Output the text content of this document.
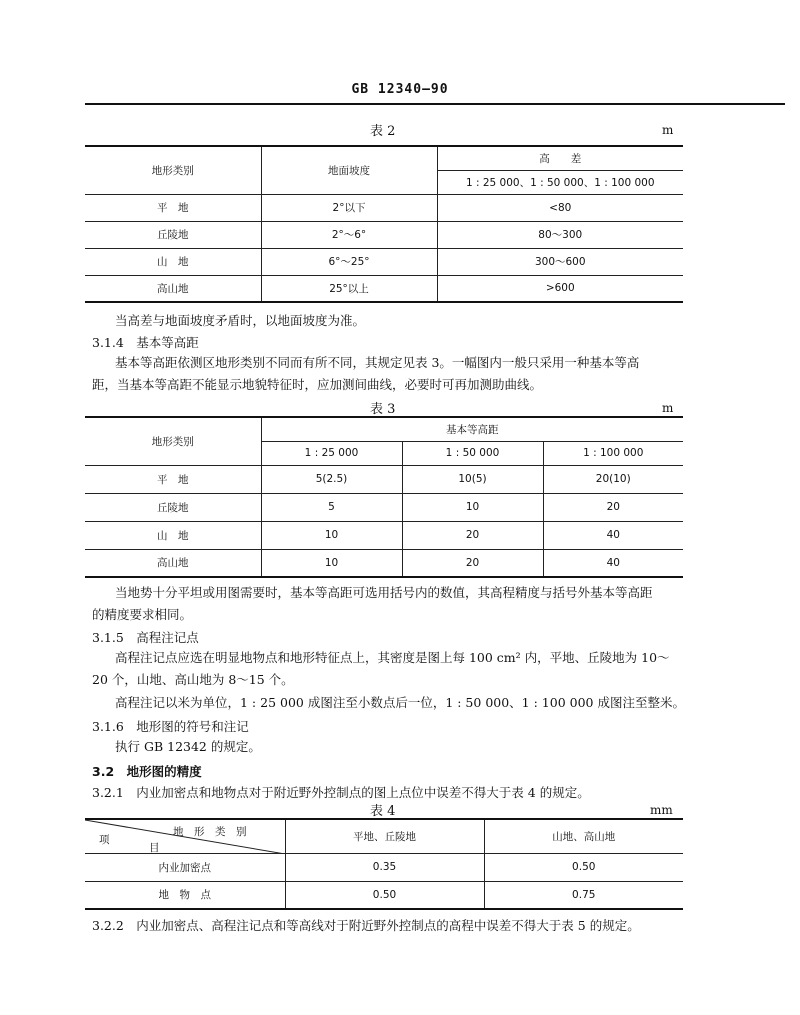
GB 12340—90
表 2	m
地形类别	地面坡度	高　　差
		1 : 25 000、1 : 50 000、1 : 100 000
平　地	2°以下	<80
丘陵地	2°～6°	80～300
山　地	6°～25°	300～600
高山地	25°以上	>600
当高差与地面坡度矛盾时，以地面坡度为准。
3.1.4　基本等高距
基本等高距依测区地形类别不同而有所不同，其规定见表 3。一幅图内一般只采用一种基本等高
距，当基本等高距不能显示地貌特征时，应加测间曲线，必要时可再加测助曲线。
表 3	m
地形类别	基本等高距		
	1 : 25 000	1 : 50 000	1 : 100 000
平　地	5(2.5)	10(5)	20(10)
丘陵地	5	10	20
山　地	10	20	40
高山地	10	20	40
当地势十分平坦或用图需要时，基本等高距可选用括号内的数值，其高程精度与括号外基本等高距
的精度要求相同。
3.1.5　高程注记点
高程注记点应选在明显地物点和地形特征点上，其密度是图上每 100 cm² 内，平地、丘陵地为 10～
20 个，山地、高山地为 8～15 个。
高程注记以米为单位，1 : 25 000 成图注至小数点后一位，1 : 50 000、1 : 100 000 成图注至整米。
3.1.6　地形图的符号和注记
执行 GB 12342 的规定。
3.2　地形图的精度
3.2.1　内业加密点和地物点对于附近野外控制点的图上点位中误差不得大于表 4 的规定。
表 4	mm
地　形　类　别
项
目	平地、丘陵地	山地、高山地
内业加密点	0.35	0.50
地　物　点	0.50	0.75
3.2.2　内业加密点、高程注记点和等高线对于附近野外控制点的高程中误差不得大于表 5 的规定。
